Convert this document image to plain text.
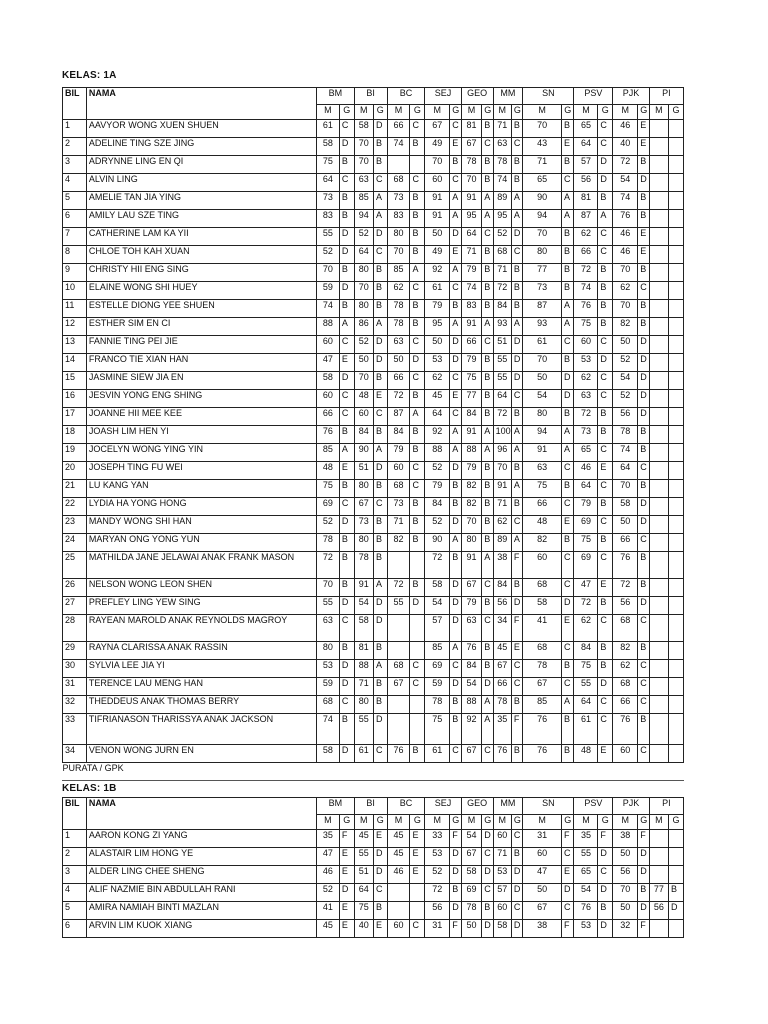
KELAS: 1A
BIL	NAMA	BM		BI		BC		SEJ		GEO		MM		SN		PSV		PJK		PI	
		M	G	M	G	M	G	M	G	M	G	M	G	M	G	M	G	M	G	M	G
1	AAVYOR WONG XUEN SHUEN	61	C	58	D	66	C	67	C	81	B	71	B	70	B	65	C	46	E		
2	ADELINE TING SZE JING	58	D	70	B	74	B	49	E	67	C	63	C	43	E	64	C	40	E		
3	ADRYNNE LING EN QI	75	B	70	B			70	B	78	B	78	B	71	B	57	D	72	B		
4	ALVIN LING	64	C	63	C	68	C	60	C	70	B	74	B	65	C	56	D	54	D		
5	AMELIE TAN JIA YING	73	B	85	A	73	B	91	A	91	A	89	A	90	A	81	B	74	B		
6	AMILY LAU SZE TING	83	B	94	A	83	B	91	A	95	A	95	A	94	A	87	A	76	B		
7	CATHERINE LAM KA YII	55	D	52	D	80	B	50	D	64	C	52	D	70	B	62	C	46	E		
8	CHLOE TOH KAH XUAN	52	D	64	C	70	B	49	E	71	B	68	C	80	B	66	C	46	E		
9	CHRISTY HII ENG SING	70	B	80	B	85	A	92	A	79	B	71	B	77	B	72	B	70	B		
10	ELAINE WONG SHI HUEY	59	D	70	B	62	C	61	C	74	B	72	B	73	B	74	B	62	C		
11	ESTELLE DIONG YEE SHUEN	74	B	80	B	78	B	79	B	83	B	84	B	87	A	76	B	70	B		
12	ESTHER SIM EN CI	88	A	86	A	78	B	95	A	91	A	93	A	93	A	75	B	82	B		
13	FANNIE TING PEI JIE	60	C	52	D	63	C	50	D	66	C	51	D	61	C	60	C	50	D		
14	FRANCO TIE XIAN HAN	47	E	50	D	50	D	53	D	79	B	55	D	70	B	53	D	52	D		
15	JASMINE SIEW JIA EN	58	D	70	B	66	C	62	C	75	B	55	D	50	D	62	C	54	D		
16	JESVIN YONG ENG SHING	60	C	48	E	72	B	45	E	77	B	64	C	54	D	63	C	52	D		
17	JOANNE HII MEE KEE	66	C	60	C	87	A	64	C	84	B	72	B	80	B	72	B	56	D		
18	JOASH LIM HEN YI	76	B	84	B	84	B	92	A	91	A	100	A	94	A	73	B	78	B		
19	JOCELYN WONG YING YIN	85	A	90	A	79	B	88	A	88	A	96	A	91	A	65	C	74	B		
20	JOSEPH TING FU WEI	48	E	51	D	60	C	52	D	79	B	70	B	63	C	46	E	64	C		
21	LU KANG YAN	75	B	80	B	68	C	79	B	82	B	91	A	75	B	64	C	70	B		
22	LYDIA HA YONG HONG	69	C	67	C	73	B	84	B	82	B	71	B	66	C	79	B	58	D		
23	MANDY WONG SHI HAN	52	D	73	B	71	B	52	D	70	B	62	C	48	E	69	C	50	D		
24	MARYAN ONG YONG YUN	78	B	80	B	82	B	90	A	80	B	89	A	82	B	75	B	66	C		
25	MATHILDA JANE JELAWAI ANAK FRANK MASON	72	B	78	B			72	B	91	A	38	F	60	C	69	C	76	B		
26	NELSON WONG LEON SHEN	70	B	91	A	72	B	58	D	67	C	84	B	68	C	47	E	72	B		
27	PREFLEY LING YEW SING	55	D	54	D	55	D	54	D	79	B	56	D	58	D	72	B	56	D		
28	RAYEAN MAROLD ANAK REYNOLDS MAGROY	63	C	58	D			57	D	63	C	34	F	41	E	62	C	68	C		
29	RAYNA CLARISSA ANAK RASSIN	80	B	81	B			85	A	76	B	45	E	68	C	84	B	82	B		
30	SYLVIA LEE JIA YI	53	D	88	A	68	C	69	C	84	B	67	C	78	B	75	B	62	C		
31	TERENCE LAU MENG HAN	59	D	71	B	67	C	59	D	54	D	66	C	67	C	55	D	68	C		
32	THEDDEUS ANAK THOMAS BERRY	68	C	80	B			78	B	88	A	78	B	85	A	64	C	66	C		
33	TIFRIANASON THARISSYA ANAK JACKSON	74	B	55	D			75	B	92	A	35	F	76	B	61	C	76	B		
34	VENON WONG JURN EN	58	D	61	C	76	B	61	C	67	C	76	B	76	B	48	E	60	C		
PURATA / GPK																					
KELAS: 1B
BIL	NAMA	BM		BI		BC		SEJ		GEO		MM		SN		PSV		PJK		PI	
		M	G	M	G	M	G	M	G	M	G	M	G	M	G	M	G	M	G	M	G
1	AARON KONG ZI YANG	35	F	45	E	45	E	33	F	54	D	60	C	31	F	35	F	38	F		
2	ALASTAIR LIM HONG YE	47	E	55	D	45	E	53	D	67	C	71	B	60	C	55	D	50	D		
3	ALDER LING CHEE SHENG	46	E	51	D	46	E	52	D	58	D	53	D	47	E	65	C	56	D		
4	ALIF NAZMIE BIN ABDULLAH RANI	52	D	64	C			72	B	69	C	57	D	50	D	54	D	70	B	77	B
5	AMIRA NAMIAH BINTI MAZLAN	41	E	75	B			56	D	78	B	60	C	67	C	76	B	50	D	56	D
6	ARVIN LIM KUOK XIANG	45	E	40	E	60	C	31	F	50	D	58	D	38	F	53	D	32	F		
